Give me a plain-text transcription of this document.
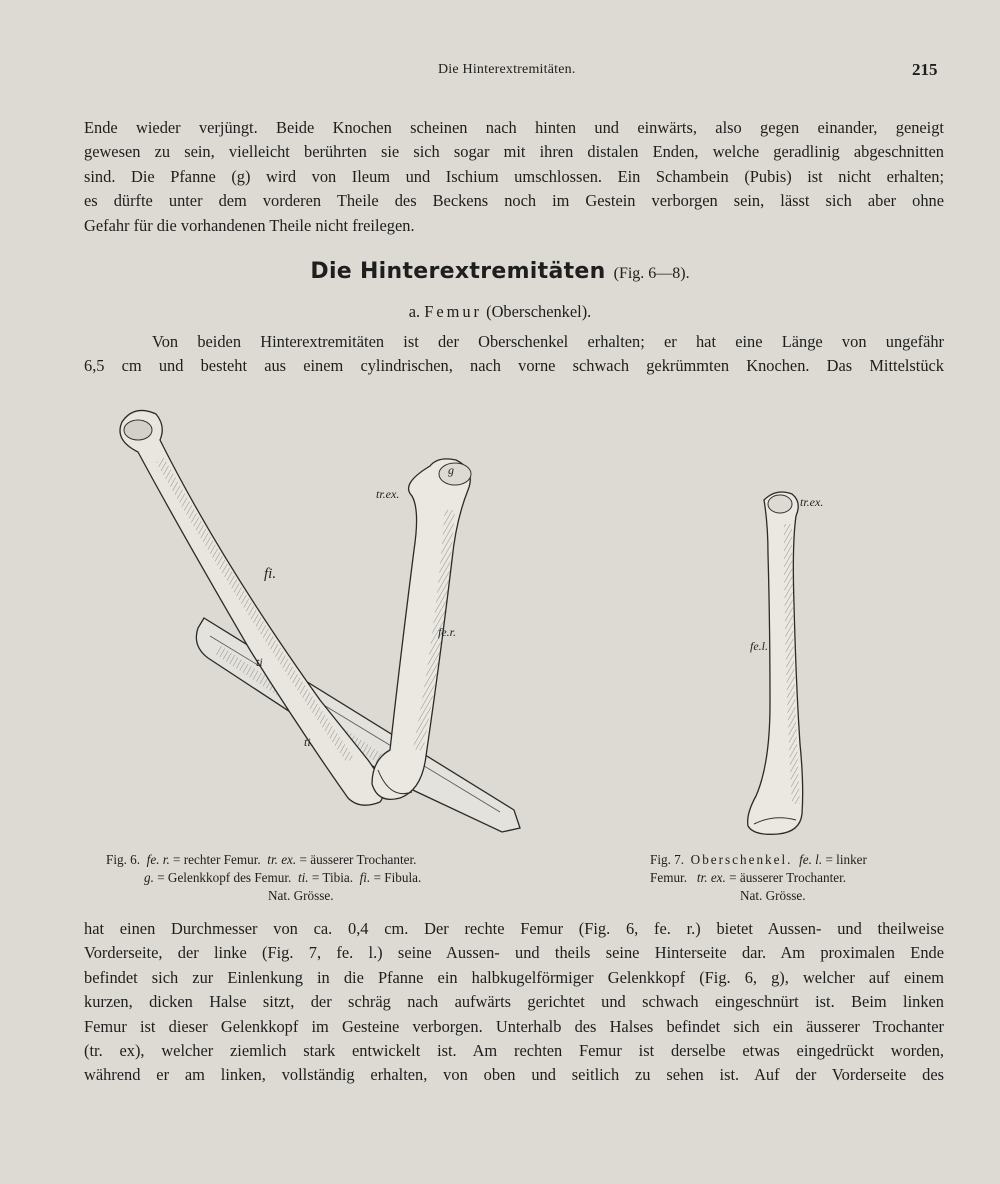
Die Hinterextremitäten.	215
Ende wieder verjüngt. Beide Knochen scheinen nach hinten und einwärts, also gegen einander, geneigt
gewesen zu sein, vielleicht berührten sie sich sogar mit ihren distalen Enden, welche geradlinig abgeschnitten
sind. Die Pfanne (g) wird von Ileum und Ischium umschlossen. Ein Schambein (Pubis) ist nicht erhalten;
es dürfte unter dem vorderen Theile des Beckens noch im Gestein verborgen sein, lässt sich aber ohne
Gefahr für die vorhandenen Theile nicht freilegen.
Die Hinterextremitäten (Fig. 6—8).
a. Femur (Oberschenkel).
Von beiden Hinterextremitäten ist der Oberschenkel erhalten; er hat eine Länge von ungefähr
6,5 cm und besteht aus einem cylindrischen, nach vorne schwach gekrümmten Knochen. Das Mittelstück
tr.ex.
g
fi.
fe.r.
ti
ti.
tr.ex.
fe.l.
Fig. 6. fe. r. = rechter Femur. tr. ex. = äusserer Trochanter.
g. = Gelenkkopf des Femur. ti. = Tibia. fi. = Fibula.
Nat. Grösse.
Fig. 7. Oberschenkel. fe. l. = linker
Femur. tr. ex. = äusserer Trochanter.
Nat. Grösse.
hat einen Durchmesser von ca. 0,4 cm. Der rechte Femur (Fig. 6, fe. r.) bietet Aussen- und theilweise
Vorderseite, der linke (Fig. 7, fe. l.) seine Aussen- und theils seine Hinterseite dar. Am proximalen Ende
befindet sich zur Einlenkung in die Pfanne ein halbkugelförmiger Gelenkkopf (Fig. 6, g), welcher auf einem
kurzen, dicken Halse sitzt, der schräg nach aufwärts gerichtet und schwach eingeschnürt ist. Beim linken
Femur ist dieser Gelenkkopf im Gesteine verborgen. Unterhalb des Halses befindet sich ein äusserer Trochanter
(tr. ex), welcher ziemlich stark entwickelt ist. Am rechten Femur ist derselbe etwas eingedrückt worden,
während er am linken, vollständig erhalten, von oben und seitlich zu sehen ist. Auf der Vorderseite des
